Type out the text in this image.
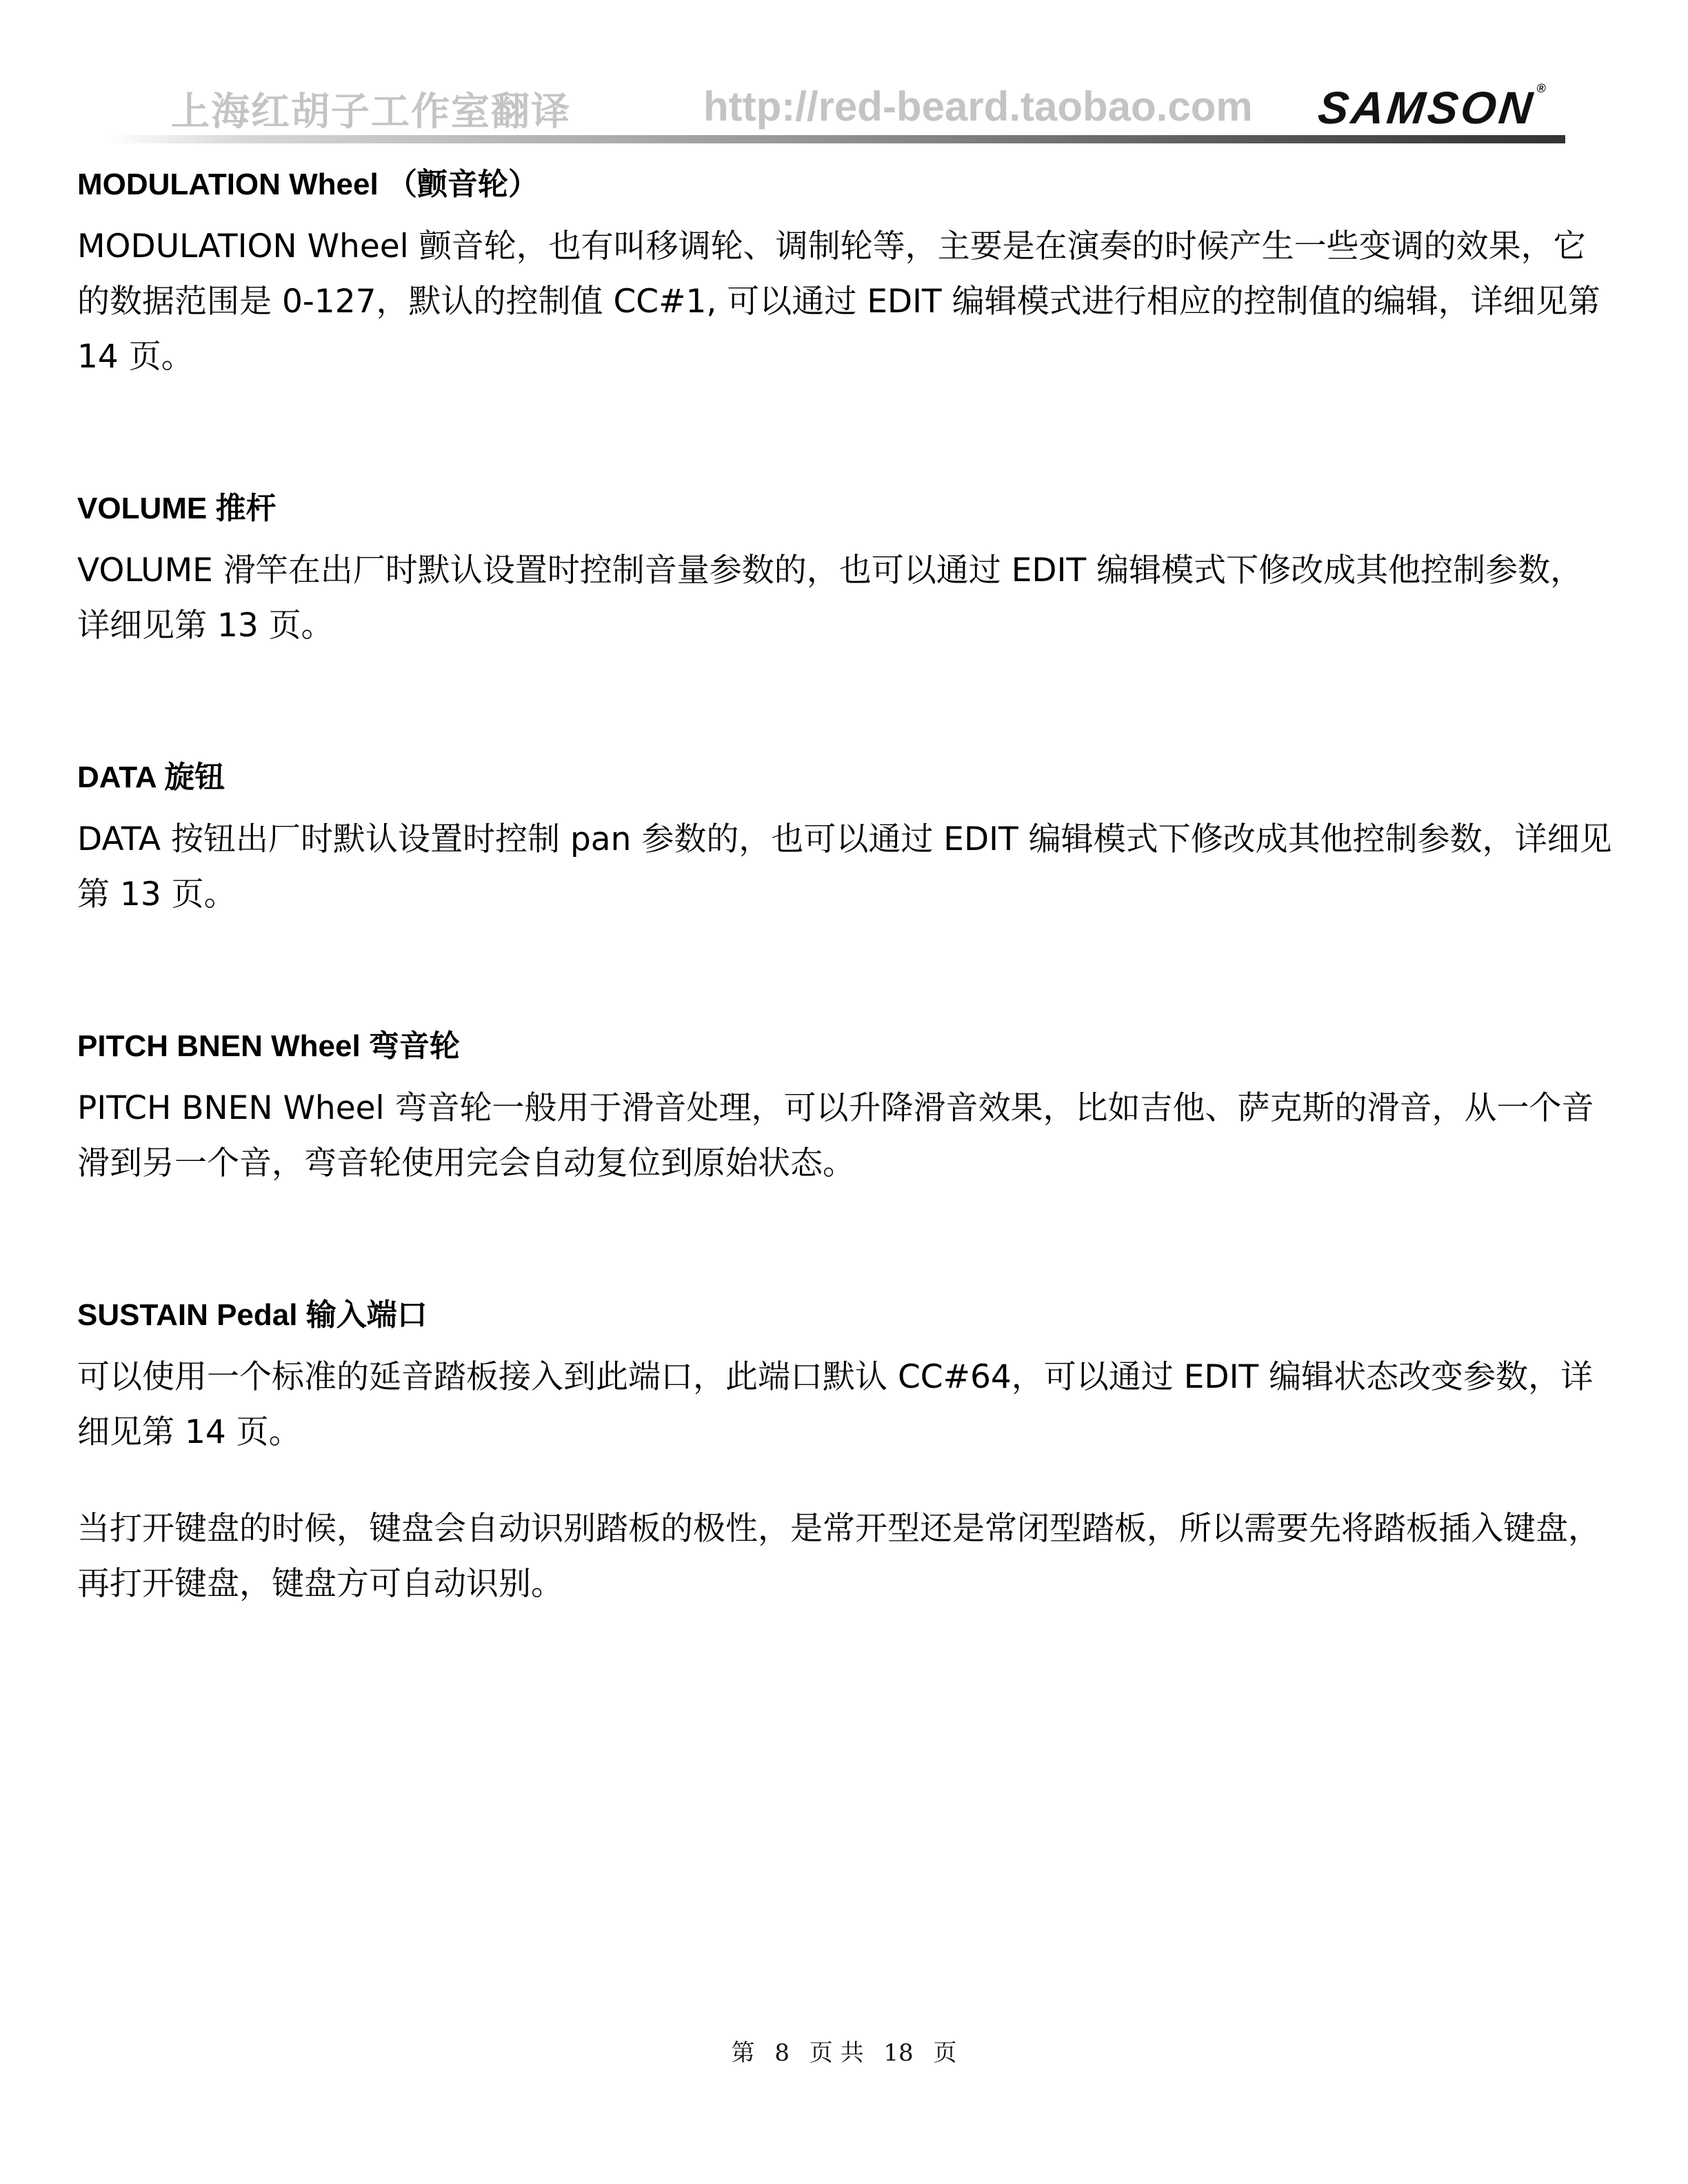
上海红胡子工作室翻译	http://red-beard.taobao.com SAMSON®

MODULATION Wheel （颤音轮）

MODULATION Wheel 颤音轮，也有叫移调轮、调制轮等，主要是在演奏的时候产生一些变调的效果，它的数据范围是 0-127，默认的控制值 CC#1, 可以通过 EDIT 编辑模式进行相应的控制值的编辑，详细见第 14 页。

VOLUME 推杆

VOLUME 滑竿在出厂时默认设置时控制音量参数的，也可以通过 EDIT 编辑模式下修改成其他控制参数，详细见第 13 页。

DATA 旋钮

DATA 按钮出厂时默认设置时控制 pan 参数的，也可以通过 EDIT 编辑模式下修改成其他控制参数，详细见第 13 页。

PITCH BNEN Wheel 弯音轮

PITCH BNEN Wheel 弯音轮一般用于滑音处理，可以升降滑音效果，比如吉他、萨克斯的滑音，从一个音滑到另一个音，弯音轮使用完会自动复位到原始状态。

SUSTAIN Pedal 输入端口

可以使用一个标准的延音踏板接入到此端口，此端口默认 CC#64，可以通过 EDIT 编辑状态改变参数，详细见第 14 页。

当打开键盘的时候，键盘会自动识别踏板的极性，是常开型还是常闭型踏板，所以需要先将踏板插入键盘，再打开键盘，键盘方可自动识别。

第 8 页 共 18 页
